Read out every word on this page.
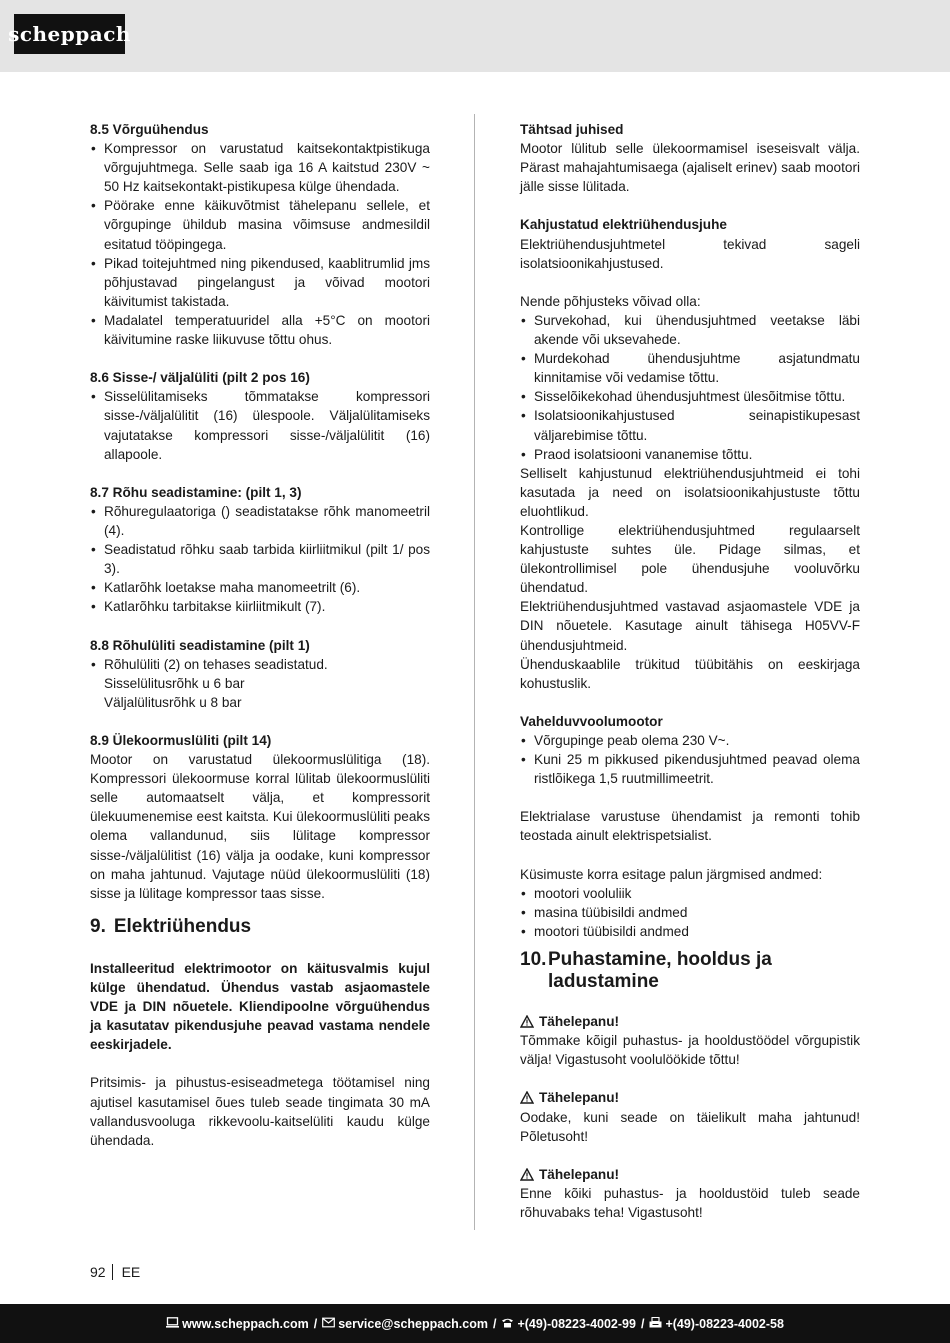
scheppach
8.5 Võrguühendus
• Kompressor on varustatud kaitsekontaktpistikuga võrgujuhtmega. Selle saab iga 16 A kaitstud 230V ~ 50 Hz kaitsekontakt-pistikupesa külge ühendada.
• Pöörake enne käikuvõtmist tähelepanu sellele, et võrgupinge ühildub masina võimsuse andmesildil esitatud tööpingega.
• Pikad toitejuhtmed ning pikendused, kaablitrumlid jms põhjustavad pingelangust ja võivad mootori käivitumist takistada.
• Madalatel temperatuuridel alla +5°C on mootori käivitumine raske liikuvuse tõttu ohus.
8.6 Sisse-/ väljalüliti (pilt 2 pos 16)
• Sisselülitamiseks tõmmatakse kompressori sisse-/väljalülitit (16) ülespoole. Väljalülitamiseks vajutatakse kompressori sisse-/väljalülitit (16) allapoole.
8.7 Rõhu seadistamine: (pilt 1, 3)
• Rõhuregulaatoriga () seadistatakse rõhk manomeetril (4).
• Seadistatud rõhku saab tarbida kiirliitmikul (pilt 1/ pos 3).
• Katlarõhk loetakse maha manomeetrilt (6).
• Katlarõhku tarbitakse kiirliitmikult (7).
8.8 Rõhulüliti seadistamine (pilt 1)
• Rõhulüliti (2) on tehases seadistatud.
Sisselülitusrõhk u 6 bar
Väljalülitusrõhk u 8 bar
8.9 Ülekoormuslüliti (pilt 14)
Mootor on varustatud ülekoormuslülitiga (18). Kompressori ülekoormuse korral lülitab ülekoormuslüliti selle automaatselt välja, et kompressorit ülekuumenemise eest kaitsta. Kui ülekoormuslüliti peaks olema vallandunud, siis lülitage kompressor sisse-/väljalülitist (16) välja ja oodake, kuni kompressor on maha jahtunud. Vajutage nüüd ülekoormuslüliti (18) sisse ja lülitage kompressor taas sisse.
9. Elektriühendus
Installeeritud elektrimootor on käitusvalmis kujul külge ühendatud. Ühendus vastab asjaomastele VDE ja DIN nõuetele. Kliendipoolne võrguühendus ja kasutatav pikendusjuhe peavad vastama nendele eeskirjadele.
Pritsimis- ja pihustus-esiseadmetega töötamisel ning ajutisel kasutamisel õues tuleb seade tingimata 30 mA vallandusvooluga rikkevoolu-kaitselüliti kaudu külge ühendada.
Tähtsad juhised
Mootor lülitub selle ülekoormamisel iseseisvalt välja. Pärast mahajahtumisaega (ajaliselt erinev) saab mootori jälle sisse lülitada.
Kahjustatud elektriühendusjuhe
Elektriühendusjuhtmetel tekivad sageli isolatsioonikahjustused.
Nende põhjusteks võivad olla:
• Survekohad, kui ühendusjuhtmed veetakse läbi akende või uksevahede.
• Murdekohad ühendusjuhtme asjatundmatu kinnitamise või vedamise tõttu.
• Sisselõikekohad ühendusjuhtmest ülesõitmise tõttu.
• Isolatsioonikahjustused seinapistikupesast väljarebimise tõttu.
• Praod isolatsiooni vananemise tõttu.
Selliselt kahjustunud elektriühendusjuhtmeid ei tohi kasutada ja need on isolatsioonikahjustuste tõttu eluohtlikud.
Kontrollige elektriühendusjuhtmed regulaarselt kahjustuste suhtes üle. Pidage silmas, et ülekontrollimisel pole ühendusjuhe vooluvõrku ühendatud.
Elektriühendusjuhtmed vastavad asjaomastele VDE ja DIN nõuetele. Kasutage ainult tähisega H05VV-F ühendusjuhtmeid.
Ühenduskaablile trükitud tüübitähis on eeskirjaga kohustuslik.
Vahelduvvoolumootor
• Võrgupinge peab olema 230 V~.
• Kuni 25 m pikkused pikendusjuhtmed peavad olema ristlõikega 1,5 ruutmillimeetrit.
Elektrialase varustuse ühendamist ja remonti tohib teostada ainult elektrispetsialist.
Küsimuste korra esitage palun järgmised andmed:
• mootori vooluliik
• masina tüübisildi andmed
• mootori tüübisildi andmed
10. Puhastamine, hooldus ja ladustamine
Tähelepanu!
Tõmmake kõigil puhastus- ja hooldustöödel võrgupistik välja! Vigastusoht voolulöökide tõttu!
Tähelepanu!
Oodake, kuni seade on täielikult maha jahtunud! Põletusoht!
Tähelepanu!
Enne kõiki puhastus- ja hooldustöid tuleb seade rõhuvabaks teha! Vigastusoht!
92 EE
www.scheppach.com / service@scheppach.com / +(49)-08223-4002-99 / +(49)-08223-4002-58
